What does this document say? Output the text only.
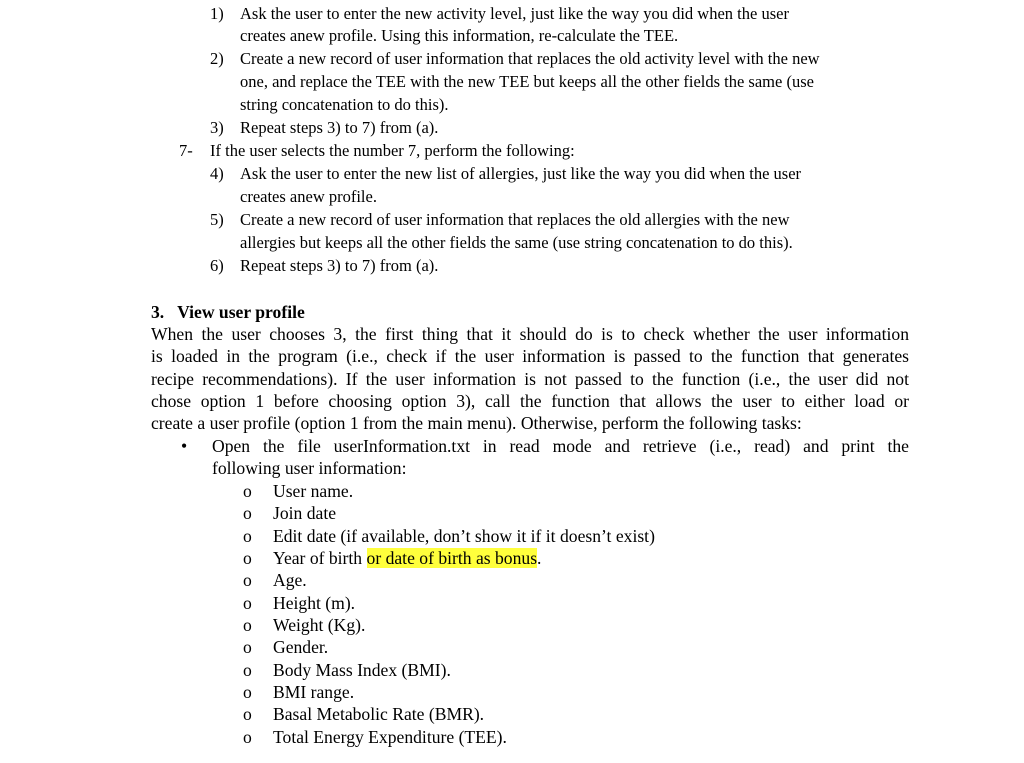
1) Ask the user to enter the new activity level, just like the way you did when the user
creates anew profile. Using this information, re-calculate the TEE.
2) Create a new record of user information that replaces the old activity level with the new
one, and replace the TEE with the new TEE but keeps all the other fields the same (use
string concatenation to do this).
3) Repeat steps 3) to 7) from (a).
7- If the user selects the number 7, perform the following:
4) Ask the user to enter the new list of allergies, just like the way you did when the user
creates anew profile.
5) Create a new record of user information that replaces the old allergies with the new
allergies but keeps all the other fields the same (use string concatenation to do this).
6) Repeat steps 3) to 7) from (a).
3.   View user profile
When the user chooses 3, the first thing that it should do is to check whether the user information
is loaded in the program (i.e., check if the user information is passed to the function that generates
recipe recommendations). If the user information is not passed to the function (i.e., the user did not
chose option 1 before choosing option 3), call the function that allows the user to either load or
create a user profile (option 1 from the main menu). Otherwise, perform the following tasks:
• Open the file userInformation.txt in read mode and retrieve (i.e., read) and print the
following user information:
o User name.
o Join date
o Edit date (if available, don’t show it if it doesn’t exist)
o Year of birth or date of birth as bonus.
o Age.
o Height (m).
o Weight (Kg).
o Gender.
o Body Mass Index (BMI).
o BMI range.
o Basal Metabolic Rate (BMR).
o Total Energy Expenditure (TEE).
